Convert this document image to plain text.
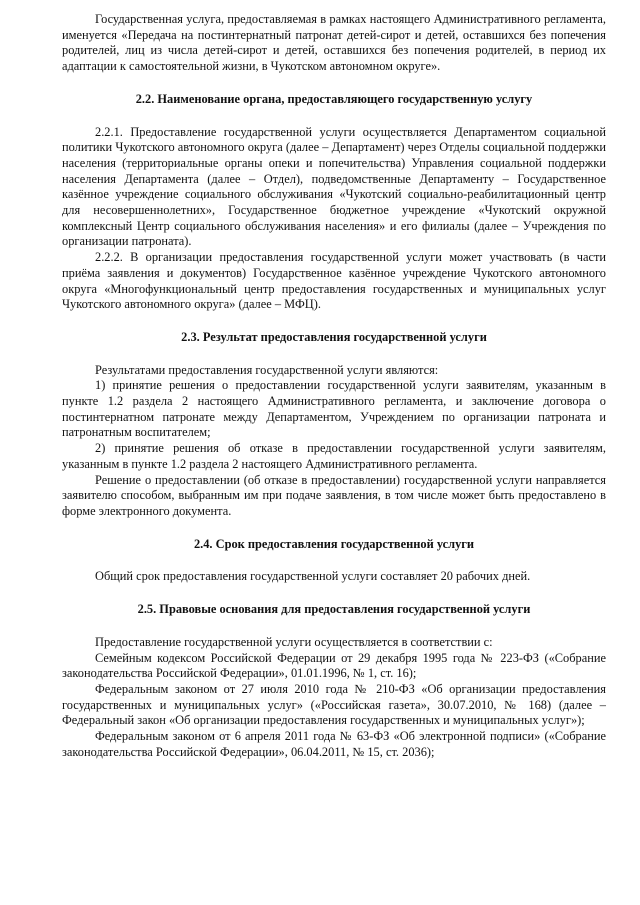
Государственная услуга, предоставляемая в рамках настоящего Административного регламента, именуется «Передача на постинтернатный патронат детей-сирот и детей, оставшихся без попечения родителей, лиц из числа детей-сирот и детей, оставшихся без попечения родителей, в период их адаптации к самостоятельной жизни, в Чукотском автономном округе».

2.2. Наименование органа, предоставляющего государственную услугу

2.2.1. Предоставление государственной услуги осуществляется Департаментом социальной политики Чукотского автономного округа (далее – Департамент) через Отделы социальной поддержки населения (территориальные органы опеки и попечительства) Управления социальной поддержки населения Департамента (далее – Отдел), подведомственные Департаменту – Государственное казённое учреждение социального обслуживания «Чукотский социально-реабилитационный центр для несовершеннолетних», Государственное бюджетное учреждение «Чукотский окружной комплексный Центр социального обслуживания населения» и его филиалы (далее – Учреждения по организации патроната).

2.2.2. В организации предоставления государственной услуги может участвовать (в части приёма заявления и документов) Государственное казённое учреждение Чукотского автономного округа «Многофункциональный центр предоставления государственных и муниципальных услуг Чукотского автономного округа» (далее – МФЦ).

2.3. Результат предоставления государственной услуги

Результатами предоставления государственной услуги являются:

1) принятие решения о предоставлении государственной услуги заявителям, указанным в пункте 1.2 раздела 2 настоящего Административного регламента, и заключение договора о постинтернатном патронате между Департаментом, Учреждением по организации патроната и патронатным воспитателем;

2) принятие решения об отказе в предоставлении государственной услуги заявителям, указанным в пункте 1.2 раздела 2 настоящего Административного регламента.

Решение о предоставлении (об отказе в предоставлении) государственной услуги направляется заявителю способом, выбранным им при подаче заявления, в том числе может быть предоставлено в форме электронного документа.

2.4. Срок предоставления государственной услуги

Общий срок предоставления государственной услуги составляет 20 рабочих дней.

2.5. Правовые основания для предоставления государственной услуги

Предоставление государственной услуги осуществляется в соответствии с:

Семейным кодексом Российской Федерации от 29 декабря 1995 года № 223-ФЗ («Собрание законодательства Российской Федерации», 01.01.1996, № 1, ст. 16);

Федеральным законом от 27 июля 2010 года № 210-ФЗ «Об организации предоставления государственных и муниципальных услуг» («Российская газета», 30.07.2010, № 168) (далее – Федеральный закон «Об организации предоставления государственных и муниципальных услуг»);

Федеральным законом от 6 апреля 2011 года № 63-ФЗ «Об электронной подписи» («Собрание законодательства Российской Федерации», 06.04.2011, № 15, ст. 2036);
